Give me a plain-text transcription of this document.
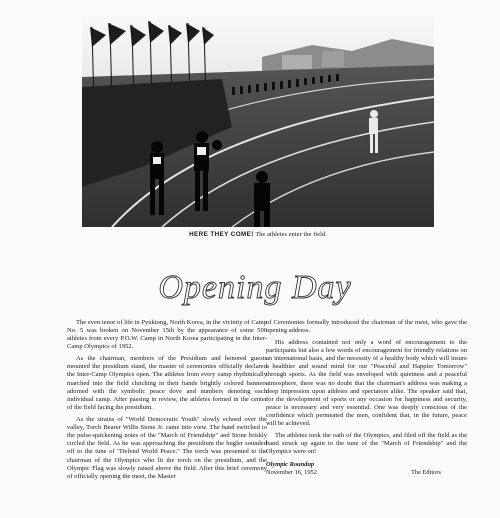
HERE THEY COME! The athletes enter the field.
Opening Day

The even tenor of life in Pyuktong, North Korea, in the vicinity of Camp No. 5 was broken on November 15th by the appearance of some 500 athletes from every P.O.W. Camp in North Korea participating in the Inter-Camp Olympics of 1952.

As the chairman, members of the Presidium and honored guests mounted the presidium stand, the master of ceremonies officially declared the Inter-Camp Olympics open. The athletes from every camp rhythmically marched into the field clutching in their hands brightly colored banners adorned with the symbolic peace dove and numbers denoting each individual camp. After passing in review, the athletes formed in the center of the field facing the presidium.

As the strains of "World Democratic Youth" slowly echoed over the valley, Torch Bearer Willis Stone Jr. came into view. The band switched to the pulse-quickening notes of the "March of Friendship" and Stone briskly circled the field. As he was approaching the presidium the bugler sounded off to the tune of "Defend World Peace." The torch was presented to the chairman of the Olympics who lit the torch on the presidium, and the Olympic Flag was slowly raised above the field. After this brief ceremony of officially opening the meet, the Master

of Ceremonies formally introduced the chairman of the meet, who gave the opening address.

His address contained not only a word of encouragement to the participants but also a few words of encouragement for friendly relations on an international basis, and the necessity of a healthy body which will insure a healthier and sound mind for our "Peaceful and Happier Tomorrow" through sports. As the field was enveloped with quietness and a peaceful atmosphere, there was no doubt that the chairman's address was making a deep impression upon athletes and spectators alike. The speaker said that, for the development of sports or any occasion for happiness and security, peace is necessary and very essential. One was deeply conscious of the confidence which permeated the men, confident that, in the future, peace will be achieved.

The athletes took the oath of the Olympics, and filed off the field as the band struck up again to the tune of the "March of Friendship" and the Olympics were on!

Olympic Roundup
November 16, 1952	The Editors
